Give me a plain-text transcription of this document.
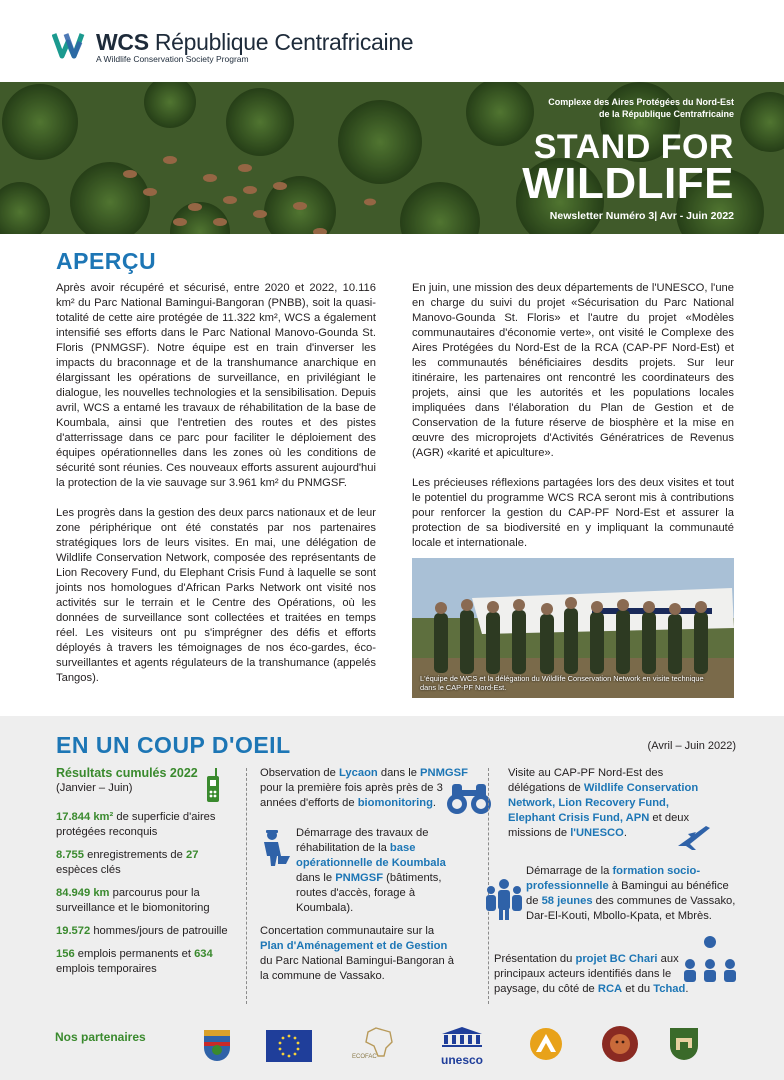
WCS République Centrafricaine
A Wildlife Conservation Society Program
Complexe des Aires Protégées du Nord-Est
de la République Centrafricaine
STAND FOR
WILDLIFE
Newsletter Numéro 3| Avr - Juin 2022
APERÇU

Après avoir récupéré et sécurisé, entre 2020 et 2022, 10.116 km² du Parc National Bamingui-Bangoran (PNBB), soit la quasi-totalité de cette aire protégée de 11.322 km², WCS a également intensifié ses efforts dans le Parc National Manovo-Gounda St. Floris (PNMGSF). Notre équipe est en train d'inverser les impacts du braconnage et de la transhumance anarchique en élargissant les opérations de surveillance, en privilégiant le dialogue, les nouvelles technologies et la sensibilisation. Depuis avril, WCS a entamé les travaux de réhabilitation de la base de Koumbala, ainsi que l'entretien des routes et des pistes d'atterrissage dans ce parc pour faciliter le déploiement des équipes opérationnelles dans les zones où les conditions de sécurité sont réunies. Ces nouveaux efforts assurent aujourd'hui la protection de la vie sauvage sur 3.961 km² du PNMGSF.

Les progrès dans la gestion des deux parcs nationaux et de leur zone périphérique ont été constatés par nos partenaires stratégiques lors de leurs visites. En mai, une délégation de Wildlife Conservation Network, composée des représentants de Lion Recovery Fund, du Elephant Crisis Fund à laquelle se sont joints nos homologues d'African Parks Network ont visité nos activités sur le terrain et le Centre des Opérations, où les données de surveillance sont collectées et traitées en temps réel. Les visiteurs ont pu s'imprégner des défis et efforts déployés à travers les témoignages de nos éco-gardes, éco-surveillantes et agents régulateurs de la transhumance (appelés Tangos).

En juin, une mission des deux départements de l'UNESCO, l'une en charge du suivi du projet «Sécurisation du Parc National Manovo-Gounda St. Floris» et l'autre du projet «Modèles communautaires d'économie verte», ont visité le Complexe des Aires Protégées du Nord-Est de la RCA (CAP-PF Nord-Est) et les communautés bénéficiaires desdits projets. Sur leur itinéraire, les partenaires ont rencontré les coordinateurs des projets, ainsi que les autorités et les populations locales impliquées dans l'élaboration du Plan de Gestion et de Conservation de la future réserve de biosphère et la mise en œuvre des microprojets d'Activités Génératrices de Revenus (AGR) «karité et apiculture».

Les précieuses réflexions partagées lors des deux visites et tout le potentiel du programme WCS RCA seront mis à contributions pour renforcer la gestion du CAP-PF Nord-Est et assurer la protection de sa biodiversité en y impliquant la communauté locale et internationale.

L'équipe de WCS et la délégation du Wildlife Conservation Network en visite technique
dans le CAP-PF Nord-Est.
EN UN COUP D'OEIL	(Avril – Juin 2022)
Résultats cumulés 2022
(Janvier – Juin)
17.844 km² de superficie d'aires protégées reconquis
8.755 enregistrements de 27 espèces clés
84.949 km parcourus pour la surveillance et le biomonitoring
19.572 hommes/jours de patrouille
156 emplois permanents et 634 emplois temporaires
Observation de Lycaon dans le PNMGSF pour la première fois après près de 3 années d'efforts de biomonitoring.
Démarrage des travaux de réhabilitation de la base opérationnelle de Koumbala dans le PNMGSF (bâtiments, routes d'accès, forage à Koumbala).
Concertation communautaire sur la Plan d'Aménagement et de Gestion du Parc National Bamingui-Bangoran à la commune de Vassako.
Visite au CAP-PF Nord-Est des délégations de Wildlife Conservation Network, Lion Recovery Fund, Elephant Crisis Fund, APN et deux missions de l'UNESCO.
Démarrage de la formation socio-professionnelle à Bamingui au bénéfice de 58 jeunes des communes de Vassako, Dar-El-Kouti, Mbollo-Kpata, et Mbrès.
Présentation du projet BC Chari aux principaux acteurs identifiés dans le paysage, du côté de RCA et du Tchad.
Nos partenaires
ECOFAC	unesco
